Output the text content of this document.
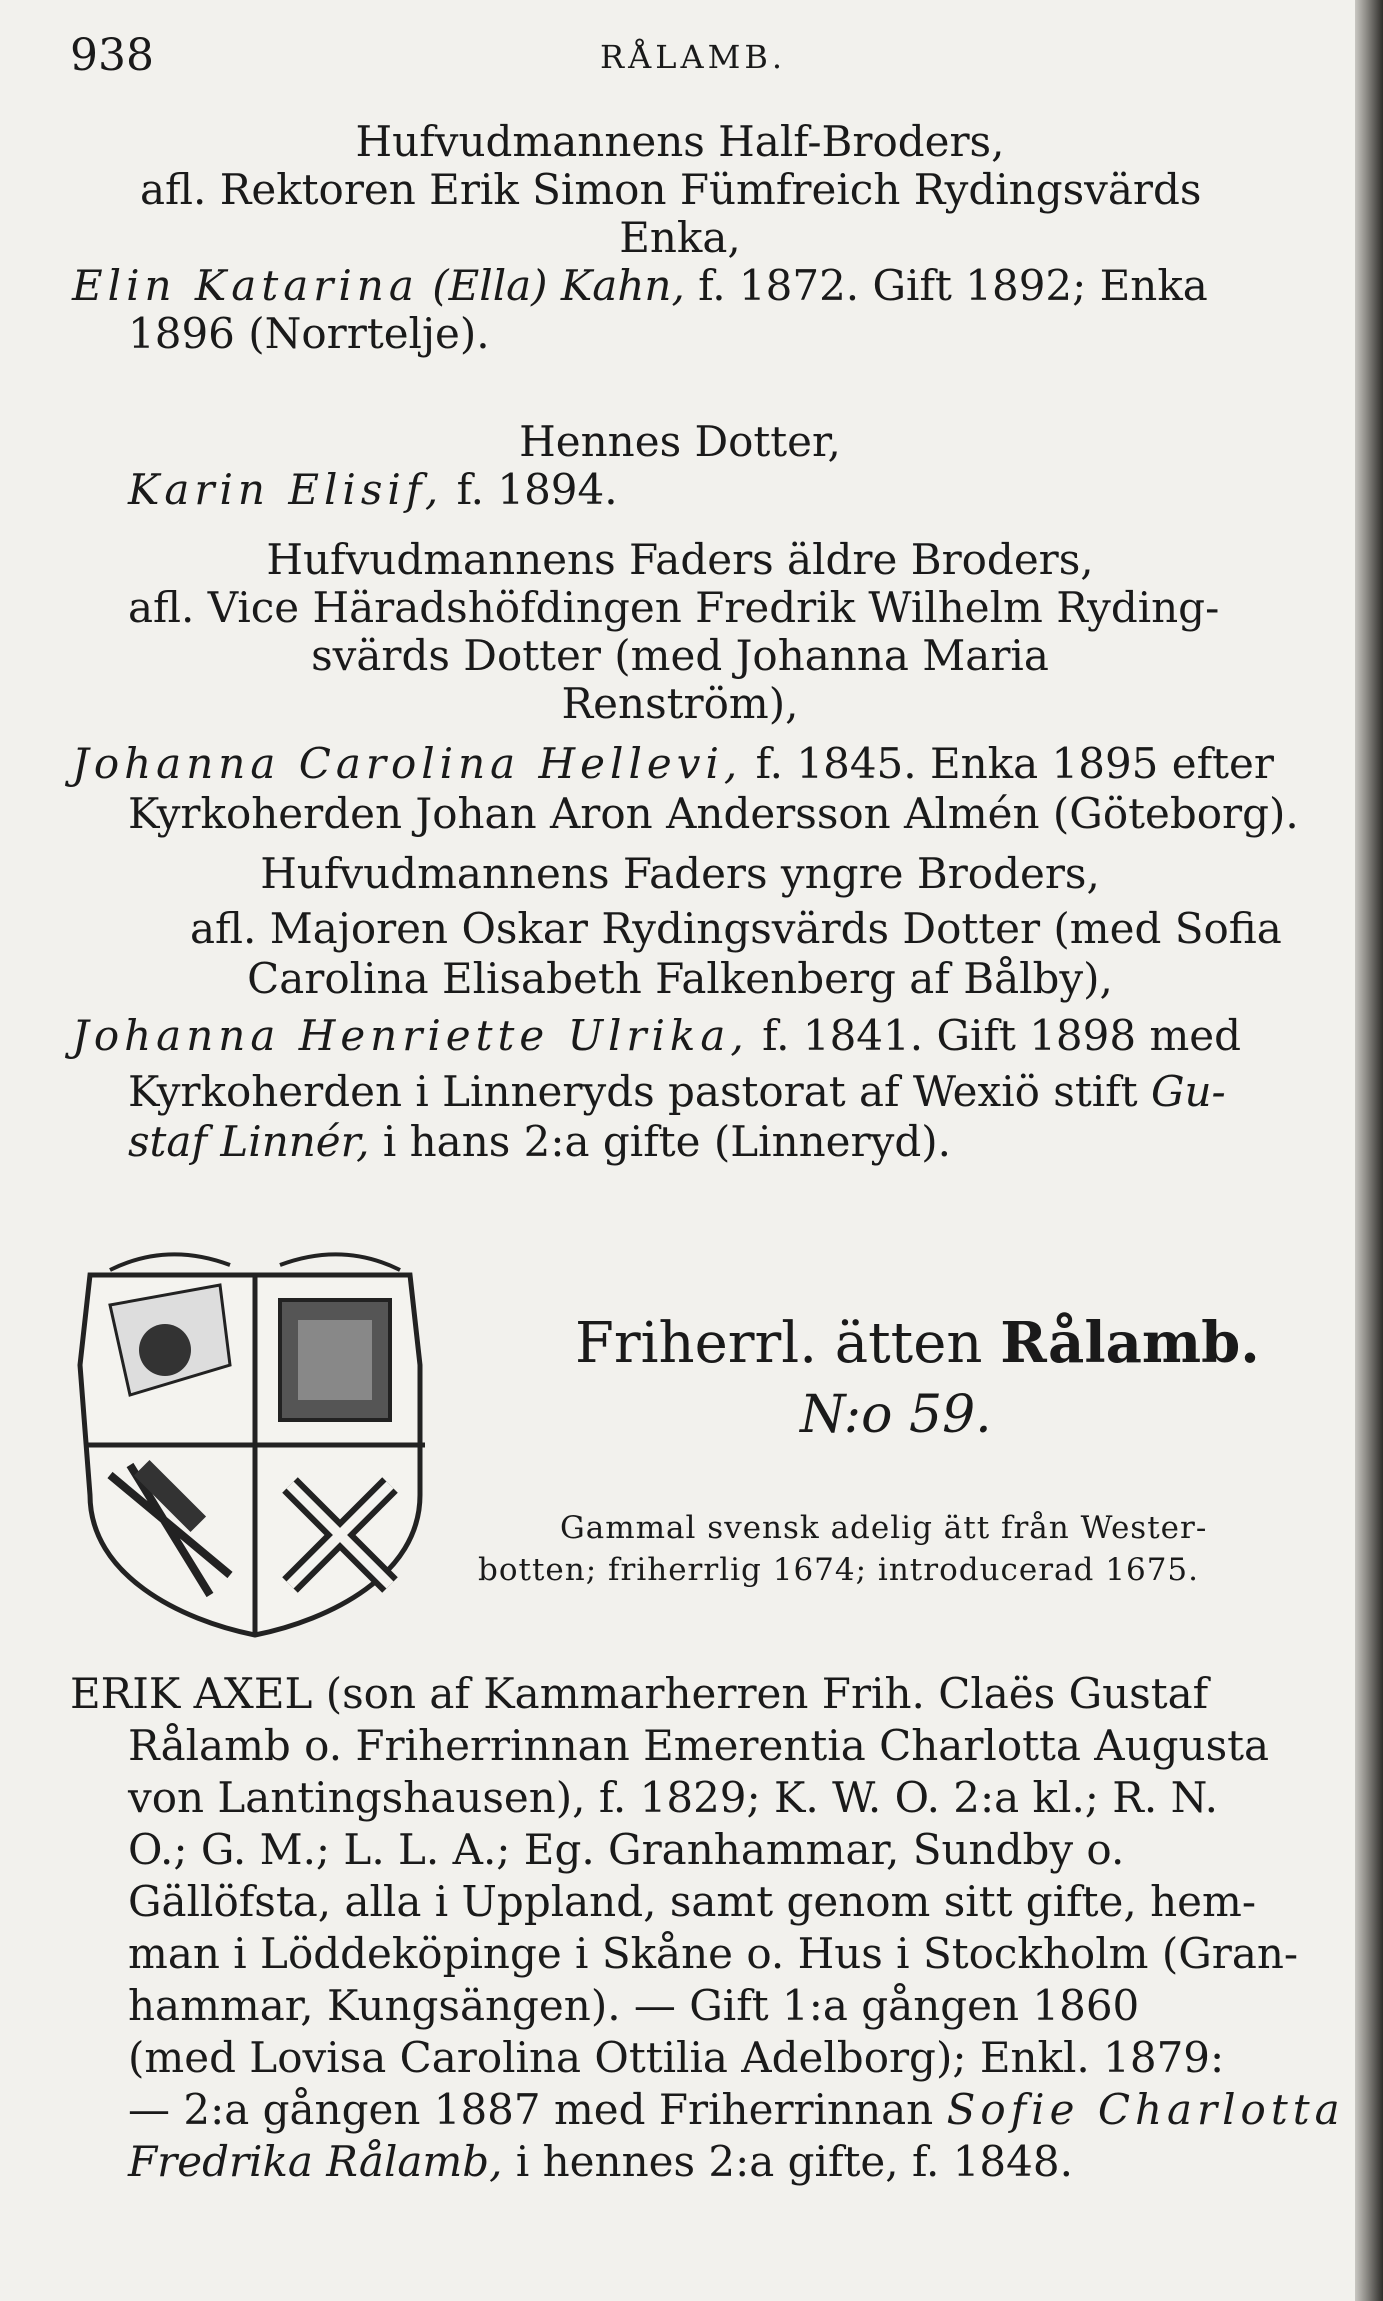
938	RÅLAMB.
Hufvudmannens Half-Broders,
afl. Rektoren Erik Simon Fümfreich Rydingsvärds
Enka,
Elin Katarina (Ella) Kahn, f. 1872. Gift 1892; Enka
1896 (Norrtelje).
Hennes Dotter,
Karin Elisif, f. 1894.
Hufvudmannens Faders äldre Broders,
afl. Vice Häradshöfdingen Fredrik Wilhelm Ryding-
svärds Dotter (med Johanna Maria
Renström),
Johanna Carolina Hellevi, f. 1845. Enka 1895 efter
Kyrkoherden Johan Aron Andersson Almén (Göteborg).
Hufvudmannens Faders yngre Broders,
afl. Majoren Oskar Rydingsvärds Dotter (med Sofia
Carolina Elisabeth Falkenberg af Bålby),
Johanna Henriette Ulrika, f. 1841. Gift 1898 med
Kyrkoherden i Linneryds pastorat af Wexiö stift Gu-
staf Linnér, i hans 2:a gifte (Linneryd).
Friherrl. ätten Rålamb.
N:o 59.
Gammal svensk adelig ätt från Wester-
botten; friherrlig 1674; introducerad 1675.
ERIK AXEL (son af Kammarherren Frih. Claës Gustaf
Rålamb o. Friherrinnan Emerentia Charlotta Augusta
von Lantingshausen), f. 1829; K. W. O. 2:a kl.; R. N.
O.; G. M.; L. L. A.; Eg. Granhammar, Sundby o.
Gällöfsta, alla i Uppland, samt genom sitt gifte, hem-
man i Löddeköpinge i Skåne o. Hus i Stockholm (Gran-
hammar, Kungsängen). — Gift 1:a gången 1860
(med Lovisa Carolina Ottilia Adelborg); Enkl. 1879:
— 2:a gången 1887 med Friherrinnan Sofie Charlotta
Fredrika Rålamb, i hennes 2:a gifte, f. 1848.
